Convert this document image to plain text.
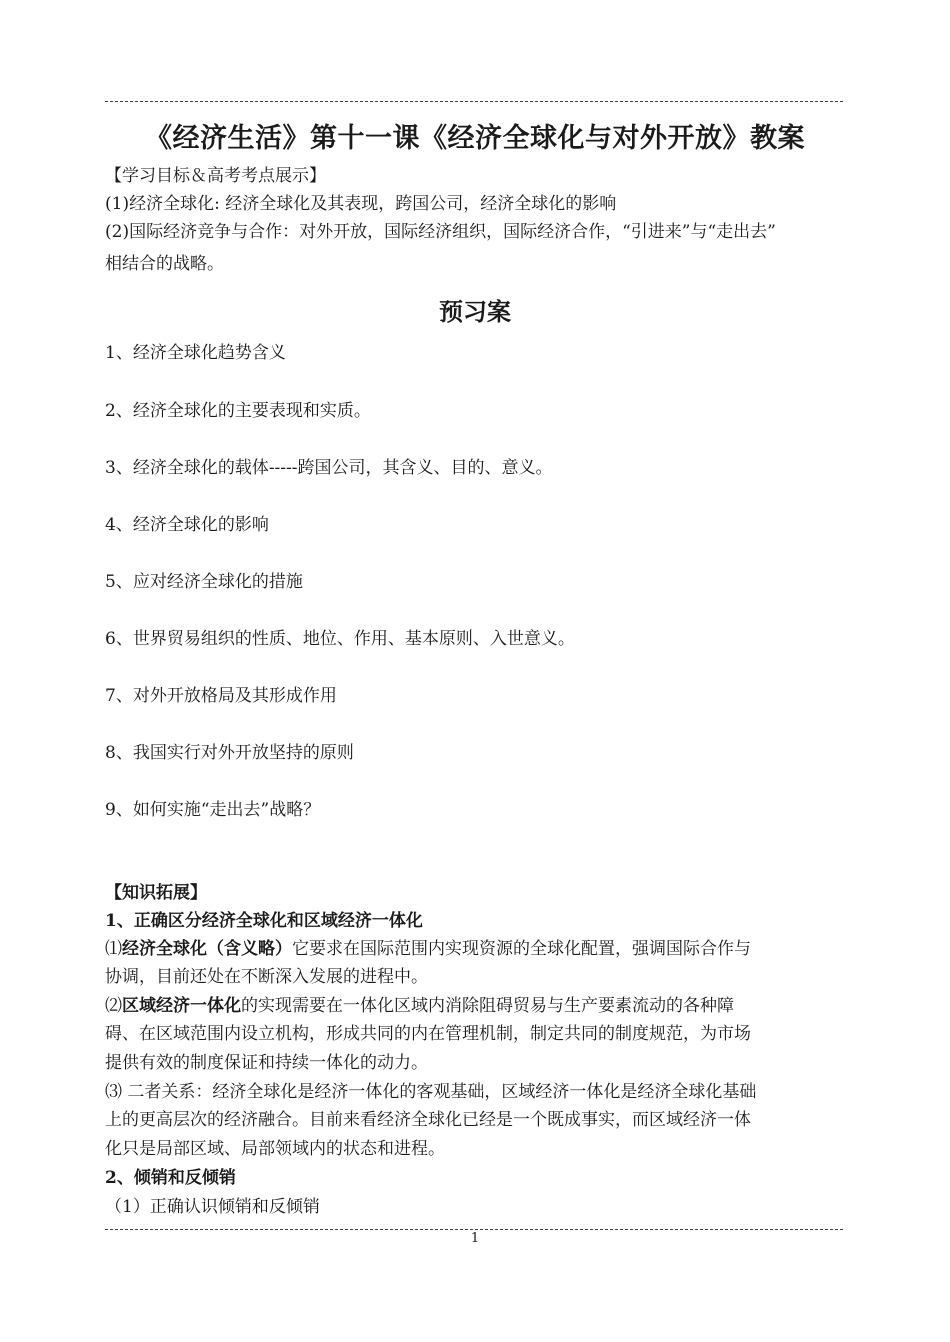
《经济生活》第十一课《经济全球化与对外开放》教案
【学习目标＆高考考点展示】
(1)经济全球化: 经济全球化及其表现，跨国公司，经济全球化的影响
(2)国际经济竞争与合作：对外开放，国际经济组织，国际经济合作，“引进来”与“走出去”
相结合的战略。
预习案
1、经济全球化趋势含义
2、经济全球化的主要表现和实质。
3、经济全球化的载体-----跨国公司，其含义、目的、意义。
4、经济全球化的影响
5、应对经济全球化的措施
6、世界贸易组织的性质、地位、作用、基本原则、入世意义。
7、对外开放格局及其形成作用
8、我国实行对外开放坚持的原则
9、如何实施“走出去”战略？
【知识拓展】
1、正确区分经济全球化和区域经济一体化
⑴经济全球化（含义略）它要求在国际范围内实现资源的全球化配置，强调国际合作与
协调，目前还处在不断深入发展的进程中。
⑵区域经济一体化的实现需要在一体化区域内消除阻碍贸易与生产要素流动的各种障
碍、在区域范围内设立机构，形成共同的内在管理机制，制定共同的制度规范，为市场
提供有效的制度保证和持续一体化的动力。
⑶ 二者关系：经济全球化是经济一体化的客观基础，区域经济一体化是经济全球化基础
上的更高层次的经济融合。目前来看经济全球化已经是一个既成事实，而区域经济一体
化只是局部区域、局部领域内的状态和进程。
2、倾销和反倾销
（1）正确认识倾销和反倾销
1
